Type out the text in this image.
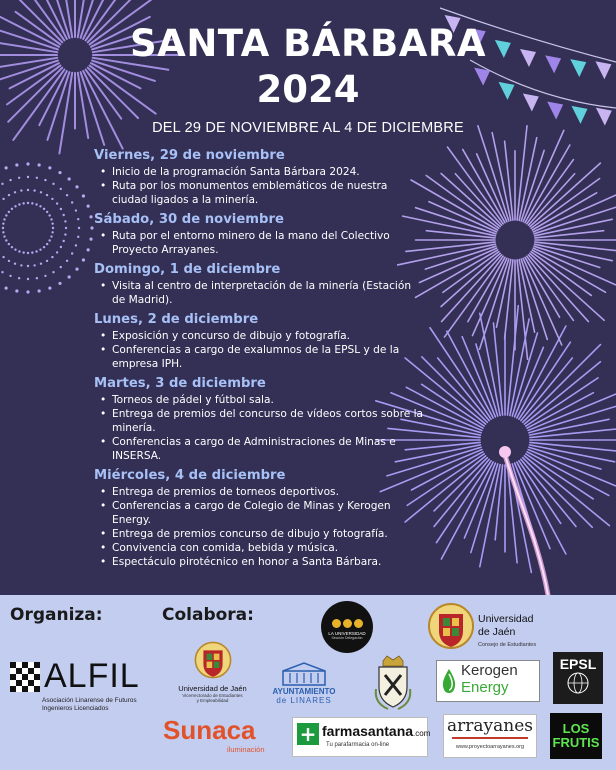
SANTA BÁRBARA
2024
DEL 29 DE NOVIEMBRE AL 4 DE DICIEMBRE
Viernes, 29 de noviembre
• Inicio de la programación Santa Bárbara 2024.
• Ruta por los monumentos emblemáticos de nuestra ciudad ligados a la minería.
Sábado, 30 de noviembre
• Ruta por el entorno minero de la mano del Colectivo Proyecto Arrayanes.
Domingo, 1 de diciembre
• Visita al centro de interpretación de la minería (Estación de Madrid).
Lunes, 2 de diciembre
• Exposición y concurso de dibujo y fotografía.
• Conferencias a cargo de exalumnos de la EPSL y de la empresa IPH.
Martes, 3 de diciembre
• Torneos de pádel y fútbol sala.
• Entrega de premios del concurso de vídeos cortos sobre la minería.
• Conferencias a cargo de Administraciones de Minas e INSERSA.
Miércoles, 4 de diciembre
• Entrega de premios de torneos deportivos.
• Conferencias a cargo de Colegio de Minas y Kerogen Energy.
• Entrega de premios concurso de dibujo y fotografía.
• Convivencia con comida, bebida y música.
• Espectáculo pirotécnico en honor a Santa Bárbara.
Organiza:	Colabora:
ALFIL
Asociación Linarense de Futuros
Ingenieros Licenciados
LA UNIVERSIDAD
Sección Delegación
Universidad
de Jaén
Consejo de Estudiantes
Universidad de Jaén
Vicerrectorado de Estudiantes
y Empleabilidad
AYUNTAMIENTO
de LINARES
Kerogen
Energy
EPSL
Sunaca
iluminación
+ farmasantana.com
Tu parafarmacia on-line
arrayanes
www.proyectoarrayanes.org
LOS
FRUTIS
